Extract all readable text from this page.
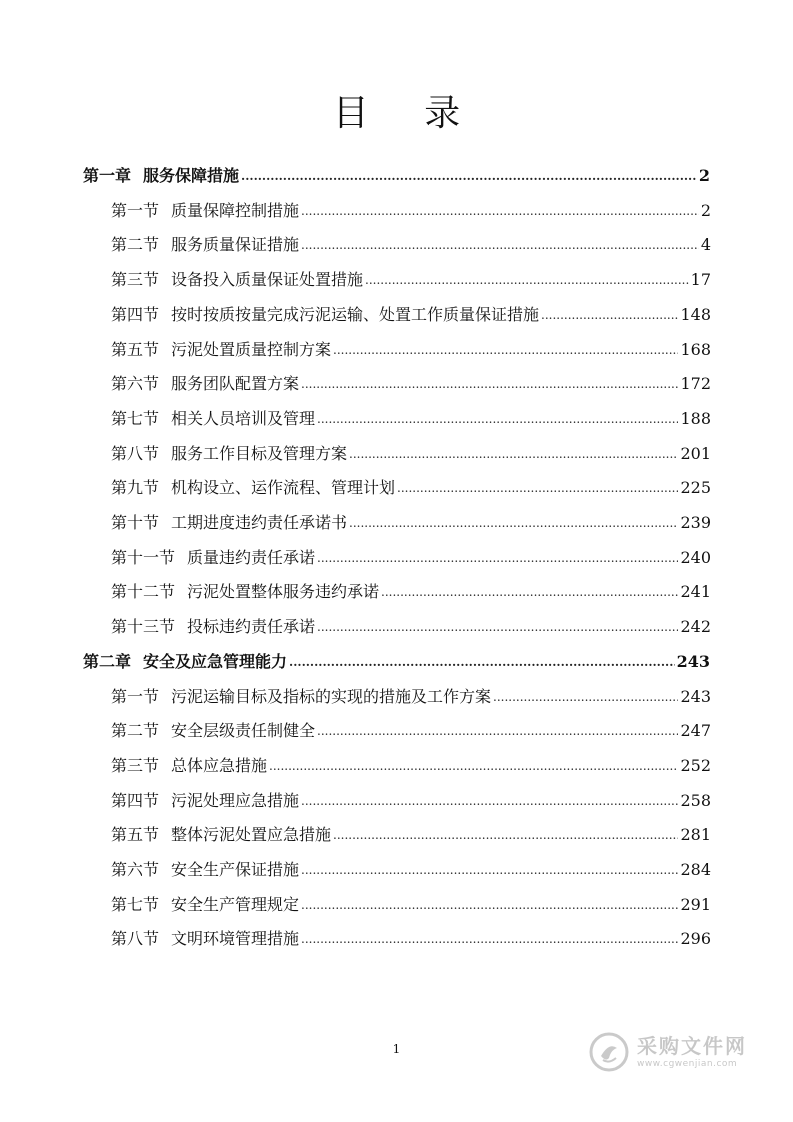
目 录
第一章 服务保障措施 .....	2
第一节 质量保障控制措施 .....	2
第二节 服务质量保证措施 .....	4
第三节 设备投入质量保证处置措施 .....	17
第四节 按时按质按量完成污泥运输、处置工作质量保证措施 .....	148
第五节 污泥处置质量控制方案 .....	168
第六节 服务团队配置方案 .....	172
第七节 相关人员培训及管理 .....	188
第八节 服务工作目标及管理方案 .....	201
第九节 机构设立、运作流程、管理计划 .....	225
第十节 工期进度违约责任承诺书 .....	239
第十一节 质量违约责任承诺 .....	240
第十二节 污泥处置整体服务违约承诺 .....	241
第十三节 投标违约责任承诺 .....	242
第二章 安全及应急管理能力 .....	243
第一节 污泥运输目标及指标的实现的措施及工作方案 .....	243
第二节 安全层级责任制健全 .....	247
第三节 总体应急措施 .....	252
第四节 污泥处理应急措施 .....	258
第五节 整体污泥处置应急措施 .....	281
第六节 安全生产保证措施 .....	284
第七节 安全生产管理规定 .....	291
第八节 文明环境管理措施 .....	296
1	采购文件网
www.cgwenjian.com
